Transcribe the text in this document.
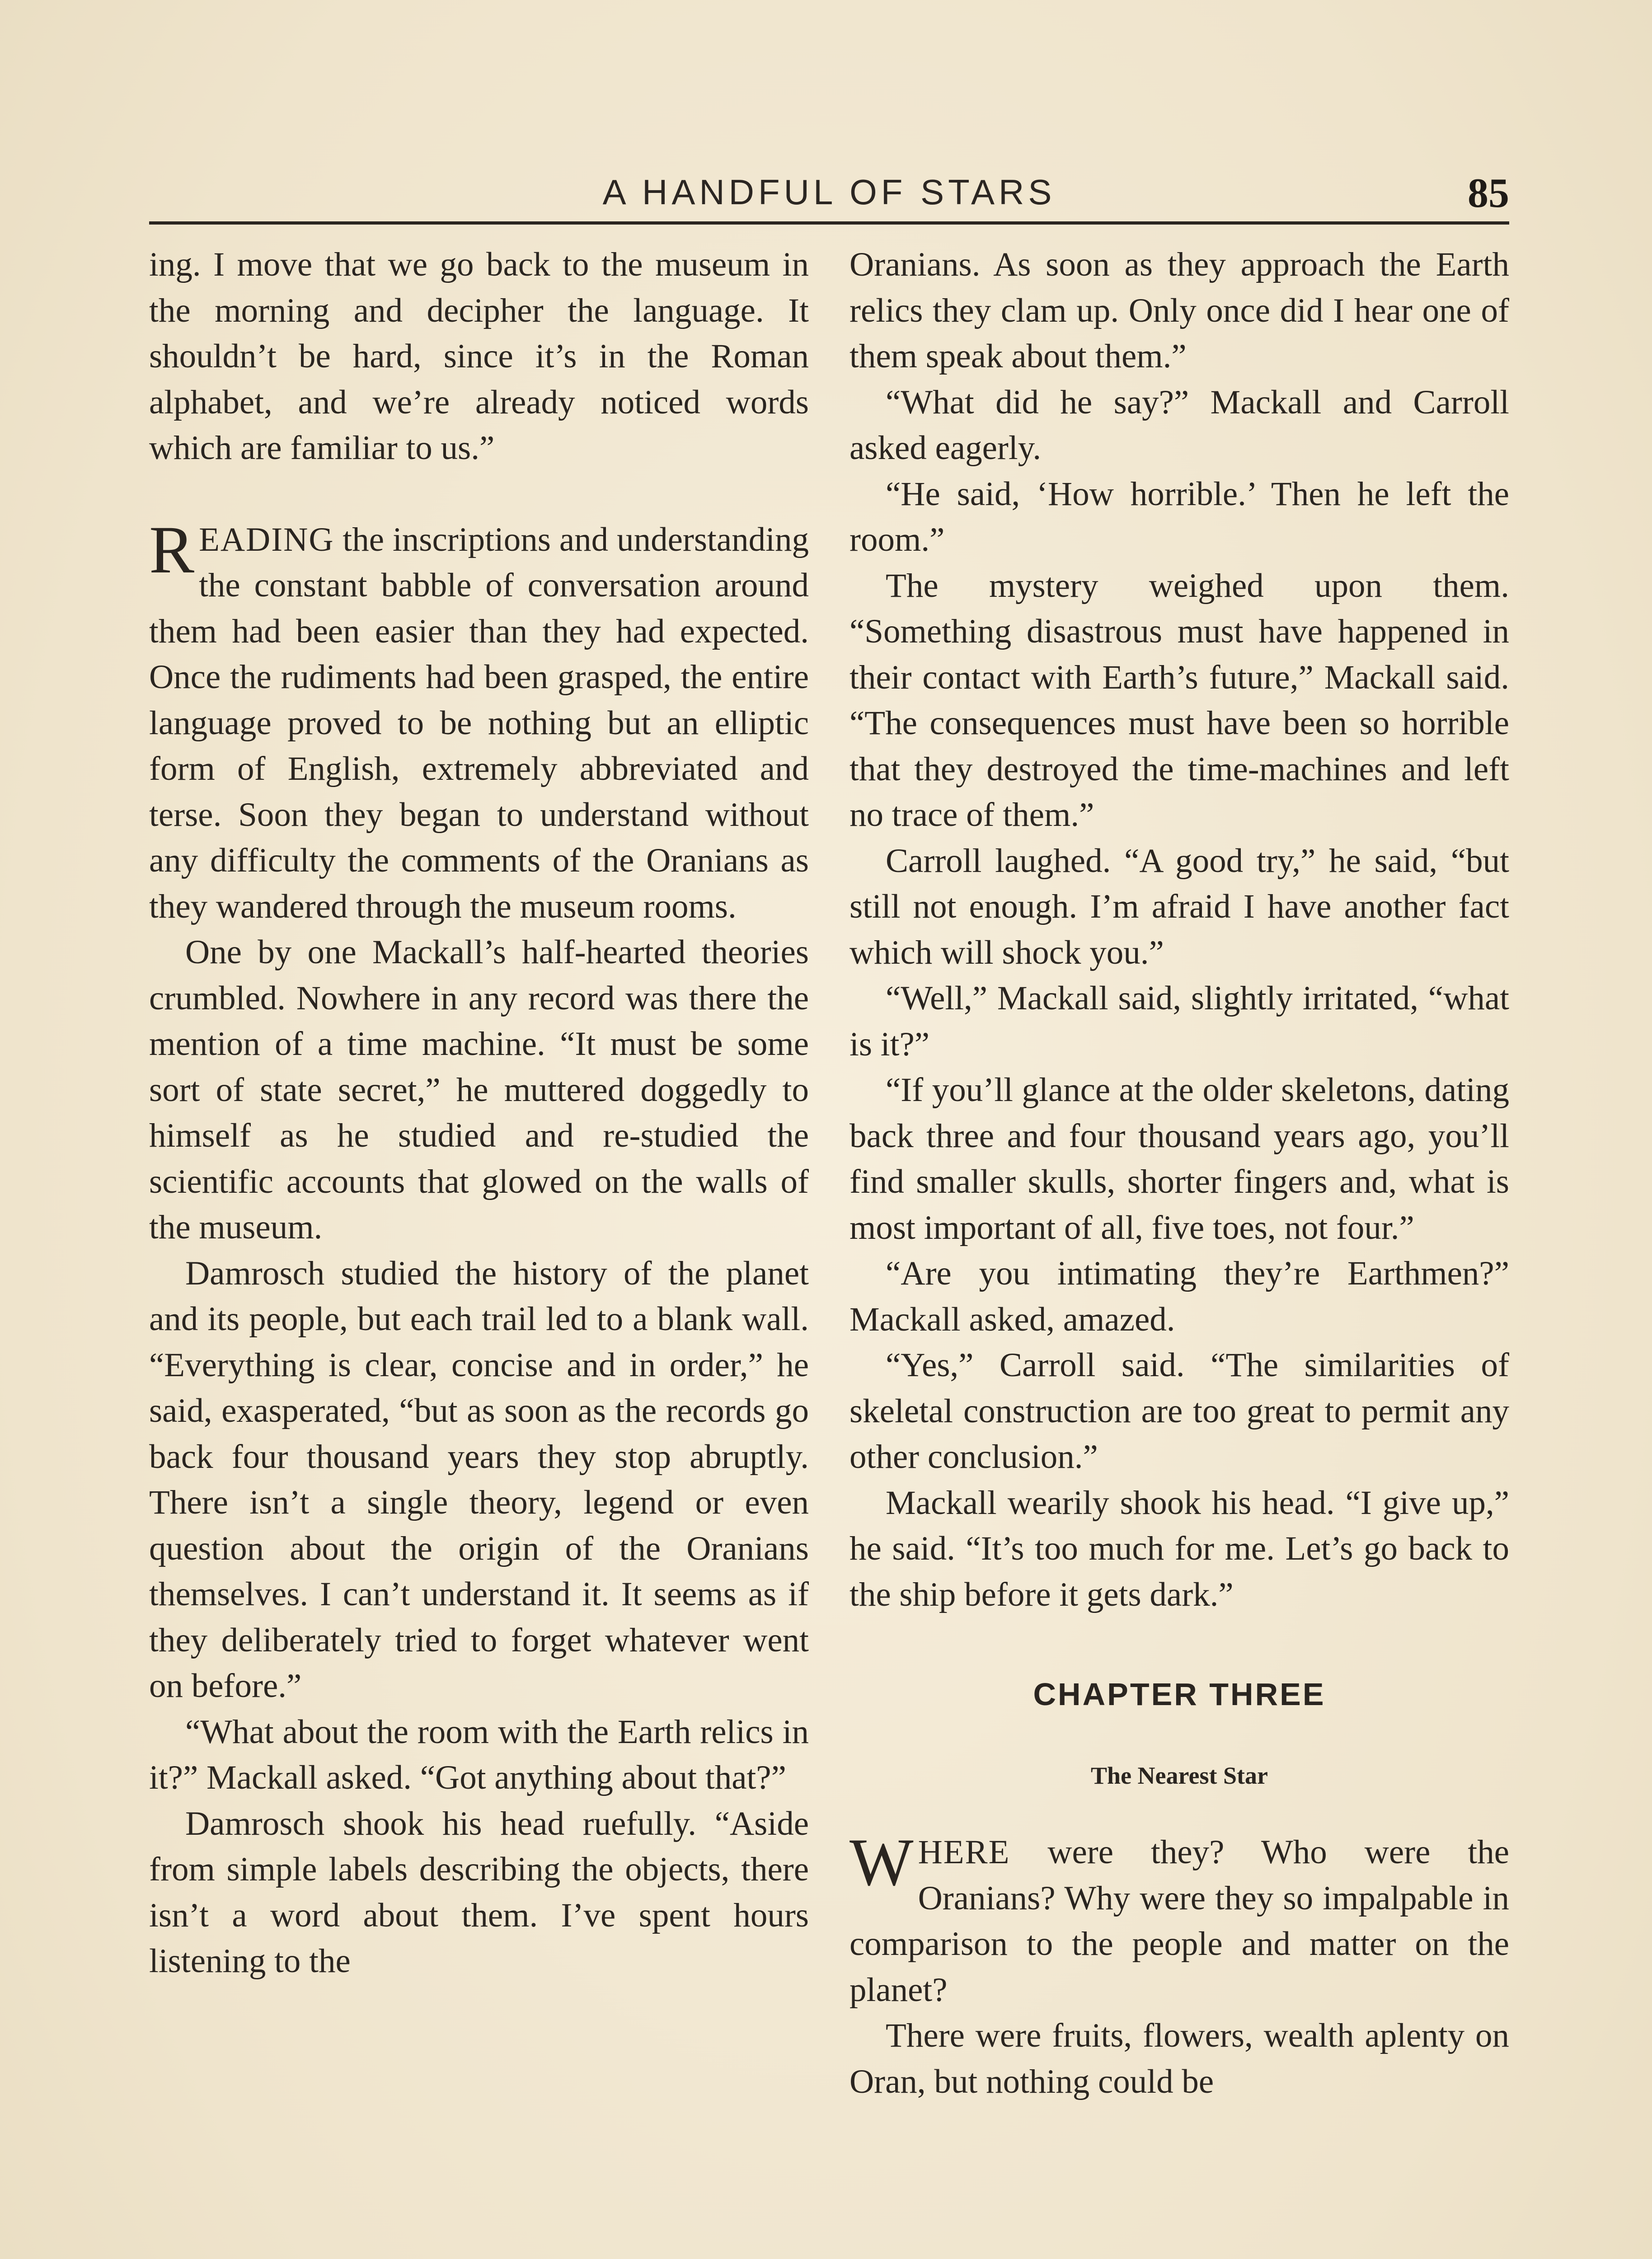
A HANDFUL OF STARS	85

ing. I move that we go back to the museum in the morning and decipher the language. It shouldn’t be hard, since it’s in the Roman alphabet, and we’re already noticed words which are familiar to us.”

READING the inscriptions and understanding the constant babble of conversation around them had been easier than they had expected. Once the rudiments had been grasped, the entire language proved to be nothing but an elliptic form of English, extremely abbreviated and terse. Soon they began to understand without any difficulty the comments of the Oranians as they wandered through the museum rooms.

One by one Mackall’s half-hearted theories crumbled. Nowhere in any record was there the mention of a time machine. “It must be some sort of state secret,” he muttered doggedly to himself as he studied and re-studied the scientific accounts that glowed on the walls of the museum.

Damrosch studied the history of the planet and its people, but each trail led to a blank wall. “Everything is clear, concise and in order,” he said, exasperated, “but as soon as the records go back four thousand years they stop abruptly. There isn’t a single theory, legend or even question about the origin of the Oranians themselves. I can’t understand it. It seems as if they deliberately tried to forget whatever went on before.”

“What about the room with the Earth relics in it?” Mackall asked. “Got anything about that?”

Damrosch shook his head ruefully. “Aside from simple labels describing the objects, there isn’t a word about them. I’ve spent hours listening to the

Oranians. As soon as they approach the Earth relics they clam up. Only once did I hear one of them speak about them.”

“What did he say?” Mackall and Carroll asked eagerly.

“He said, ‘How horrible.’ Then he left the room.”

The mystery weighed upon them. “Something disastrous must have happened in their contact with Earth’s future,” Mackall said. “The consequences must have been so horrible that they destroyed the time-machines and left no trace of them.”

Carroll laughed. “A good try,” he said, “but still not enough. I’m afraid I have another fact which will shock you.”

“Well,” Mackall said, slightly irritated, “what is it?”

“If you’ll glance at the older skeletons, dating back three and four thousand years ago, you’ll find smaller skulls, shorter fingers and, what is most important of all, five toes, not four.”

“Are you intimating they’re Earthmen?” Mackall asked, amazed.

“Yes,” Carroll said. “The similarities of skeletal construction are too great to permit any other conclusion.”

Mackall wearily shook his head. “I give up,” he said. “It’s too much for me. Let’s go back to the ship before it gets dark.”

CHAPTER THREE
The Nearest Star

WHERE were they? Who were the Oranians? Why were they so impalpable in comparison to the people and matter on the planet?

There were fruits, flowers, wealth aplenty on Oran, but nothing could be
